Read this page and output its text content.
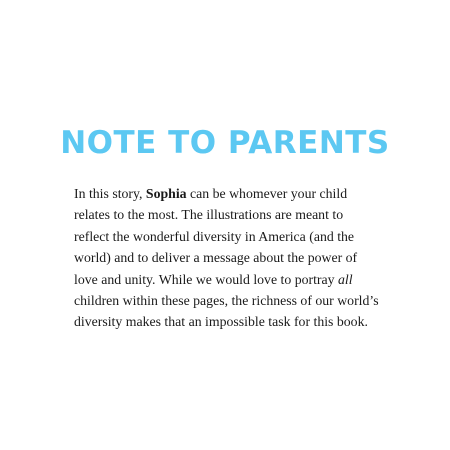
NOTE TO PARENTS
In this story, Sophia can be whomever your child
relates to the most. The illustrations are meant to
reflect the wonderful diversity in America (and the
world) and to deliver a message about the power of
love and unity. While we would love to portray all
children within these pages, the richness of our world’s
diversity makes that an impossible task for this book.
